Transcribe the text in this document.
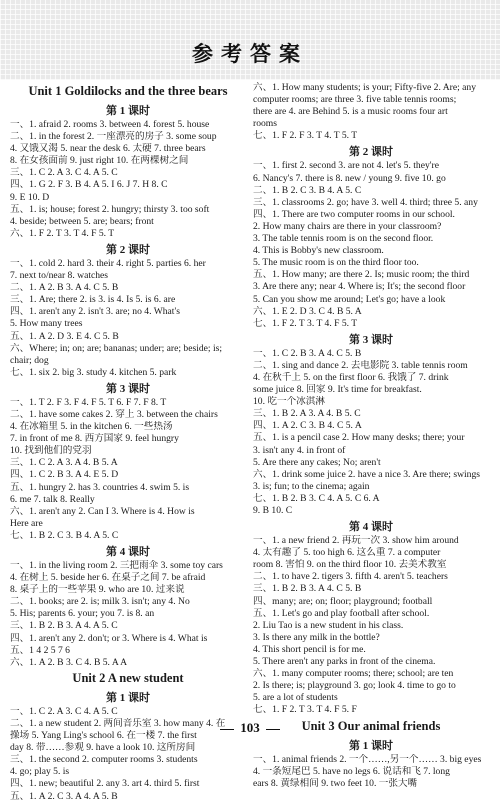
参考答案
Unit 1 Goldilocks and the three bears
第 1 课时
一、1. afraid 2. rooms 3. between 4. forest 5. house
二、1. in the forest 2. 一座漂亮的房子 3. some soup
4. 又饿又渴 5. near the desk 6. 太硬 7. three bears
8. 在女孩面前 9. just right 10. 在两棵树之间
三、1. C 2. A 3. C 4. A 5. C
四、1. G 2. F 3. B 4. A 5. I 6. J 7. H 8. C
9. E 10. D
五、1. is; house; forest 2. hungry; thirsty 3. too soft
4. beside; between 5. are; bears; front
六、1. F 2. T 3. T 4. F 5. T
第 2 课时
一、1. cold 2. hard 3. their 4. right 5. parties 6. her
7. next to/near 8. watches
二、1. A 2. B 3. A 4. C 5. B
三、1. Are; there 2. is 3. is 4. Is 5. is 6. are
四、1. aren't any 2. isn't 3. are; no 4. What's
5. How many trees
五、1. A 2. D 3. E 4. C 5. B
六、Where; in; on; are; bananas; under; are; beside; is;
chair; dog
七、1. six 2. big 3. study 4. kitchen 5. park
第 3 课时
一、1. T 2. F 3. F 4. F 5. T 6. F 7. F 8. T
二、1. have some cakes 2. 穿上 3. between the chairs
4. 在冰箱里 5. in the kitchen 6. 一些热汤
7. in front of me 8. 西方国家 9. feel hungry
10. 找到他们的党羽
三、1. C 2. A 3. A 4. B 5. A
四、1. C 2. B 3. A 4. E 5. D
五、1. hungry 2. has 3. countries 4. swim 5. is
6. me 7. talk 8. Really
六、1. aren't any 2. Can I 3. Where is 4. How is
Here are
七、1. B 2. C 3. B 4. A 5. C
第 4 课时
一、1. in the living room 2. 三把雨伞 3. some toy cars
4. 在树上 5. beside her 6. 在桌子之间 7. be afraid
8. 桌子上的一些苹果 9. who are 10. 过来说
二、1. books; are 2. is; milk 3. isn't; any 4. No
5. His; parents 6. your; you 7. is 8. an
三、1. B 2. B 3. A 4. A 5. C
四、1. aren't any 2. don't; or 3. Where is 4. What is
五、1 4 2 5 7 6
六、1. A 2. B 3. C 4. B 5. A A
Unit 2 A new student
第 1 课时
一、1. C 2. A 3. C 4. A 5. C
二、1. a new student 2. 两间音乐室 3. how many 4. 在
操场 5. Yang Ling's school 6. 在一楼 7. the first
day 8. 带……参观 9. have a look 10. 这所房间
三、1. the second 2. computer rooms 3. students
4. go; play 5. is
四、1. new; beautiful 2. any 3. art 4. third 5. first
五、1. A 2. C 3. A 4. A 5. B
六、1. How many students; is your; Fifty-five 2. Are; any
computer rooms; are three 3. five table tennis rooms;
there are 4. are Behind 5. is a music rooms four art
rooms
七、1. F 2. F 3. T 4. T 5. T
第 2 课时
一、1. first 2. second 3. are not 4. let's 5. they're
6. Nancy's 7. there is 8. new / young 9. five 10. go
二、1. B 2. C 3. B 4. A 5. C
三、1. classrooms 2. go; have 3. well 4. third; three 5. any
四、1. There are two computer rooms in our school.
2. How many chairs are there in your classroom?
3. The table tennis room is on the second floor.
4. This is Bobby's new classroom.
5. The music room is on the third floor too.
五、1. How many; are there 2. Is; music room; the third
3. Are there any; near 4. Where is; It's; the second floor
5. Can you show me around; Let's go; have a look
六、1. E 2. D 3. C 4. B 5. A
七、1. F 2. T 3. T 4. F 5. T
第 3 课时
一、1. C 2. B 3. A 4. C 5. B
二、1. sing and dance 2. 去电影院 3. table tennis room
4. 在秋千上 5. on the first floor 6. 我饿了 7. drink
some juice 8. 回家 9. It's time for breakfast.
10. 吃一个冰淇淋
三、1. B 2. A 3. A 4. B 5. C
四、1. A 2. C 3. B 4. C 5. A
五、1. is a pencil case 2. How many desks; there; your
3. isn't any 4. in front of
5. Are there any cakes; No; aren't
六、1. drink some juice 2. have a nice 3. Are there; swings
3. is; fun; to the cinema; again
七、1. B 2. B 3. C 4. A 5. C 6. A
9. B 10. C
第 4 课时
一、1. a new friend 2. 再玩一次 3. show him around
4. 太有趣了 5. too high 6. 这么重 7. a computer
room 8. 害怕 9. on the third floor 10. 去美术教室
二、1. to have 2. tigers 3. fifth 4. aren't 5. teachers
三、1. B 2. B 3. A 4. C 5. B
四、many; are; on; floor; playground; football
五、1. Let's go and play football after school.
2. Liu Tao is a new student in his class.
3. Is there any milk in the bottle?
4. This short pencil is for me.
5. There aren't any parks in front of the cinema.
六、1. many computer rooms; there; school; are ten
2. Is there; is; playground 3. go; look 4. time to go to
5. are a lot of students
七、1. F 2. T 3. T 4. F 5. F
Unit 3 Our animal friends
第 1 课时
一、1. animal friends 2. 一个……,另一个…… 3. big eyes
4. 一条短尾巴 5. have no legs 6. 说话和飞 7. long
ears 8. 黄绿相间 9. two feet 10. 一张大嘴
103
